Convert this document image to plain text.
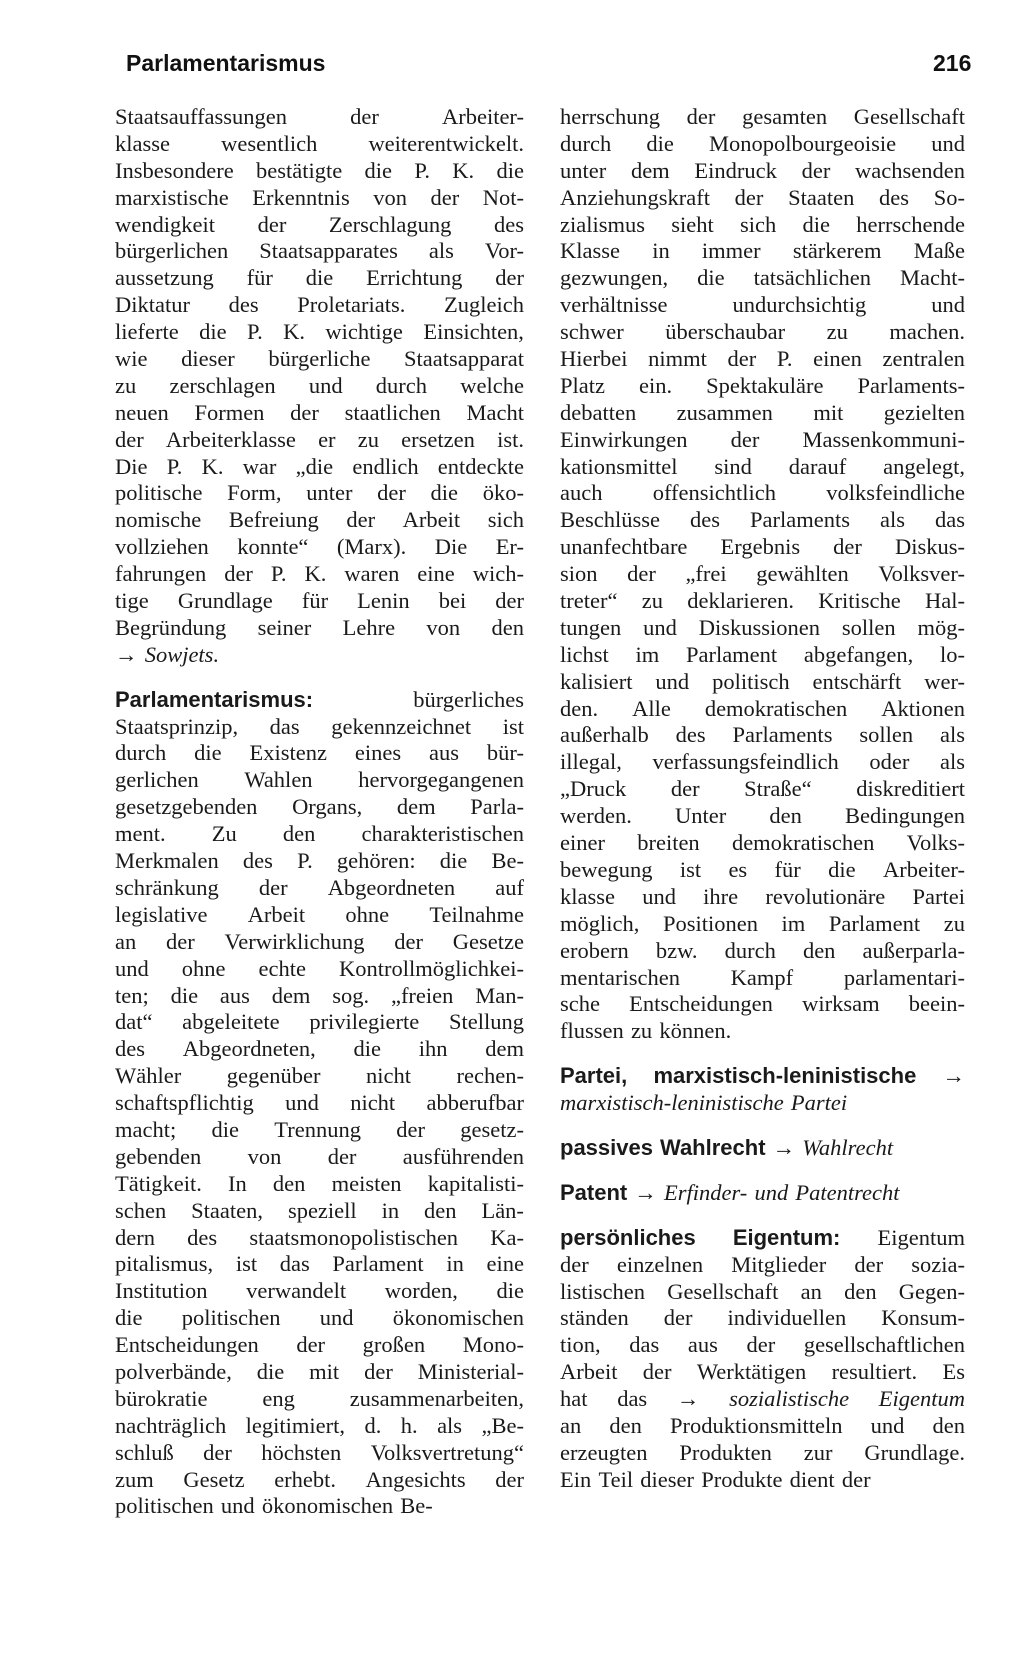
Parlamentarismus	216
Staatsauffassungen	der	Arbeiter-
klasse wesentlich weiterentwickelt.
Insbesondere bestätigte die P. K. die
marxistische Erkenntnis von der Not-
wendigkeit der Zerschlagung des
bürgerlichen Staatsapparates als Vor-
aussetzung für die Errichtung der
Diktatur des Proletariats. Zugleich
lieferte die P. K. wichtige Einsichten,
wie dieser bürgerliche Staatsapparat
zu zerschlagen und durch welche
neuen Formen der staatlichen Macht
der Arbeiterklasse er zu ersetzen ist.
Die P. K. war „die endlich entdeckte
politische Form, unter der die öko-
nomische Befreiung der Arbeit sich
vollziehen konnte“ (Marx). Die Er-
fahrungen der P. K. waren eine wich-
tige Grundlage für Lenin bei der
Begründung seiner Lehre von den
→ Sowjets.
Parlamentarismus:	bürgerliches
Staatsprinzip, das gekennzeichnet ist
durch die Existenz eines aus bür-
gerlichen Wahlen hervorgegangenen
gesetzgebenden Organs, dem Parla-
ment. Zu den charakteristischen
Merkmalen des P. gehören: die Be-
schränkung der Abgeordneten auf
legislative Arbeit ohne Teilnahme
an der Verwirklichung der Gesetze
und ohne echte Kontrollmöglichkei-
ten; die aus dem sog. „freien Man-
dat“ abgeleitete privilegierte Stellung
des Abgeordneten, die ihn dem
Wähler gegenüber nicht rechen-
schaftspflichtig und nicht abberufbar
macht; die Trennung der gesetz-
gebenden von der ausführenden
Tätigkeit. In den meisten kapitalisti-
schen Staaten, speziell in den Län-
dern des staatsmonopolistischen Ka-
pitalismus, ist das Parlament in eine
Institution verwandelt worden, die
die politischen und ökonomischen
Entscheidungen der großen Mono-
polverbände, die mit der Ministerial-
bürokratie eng zusammenarbeiten,
nachträglich legitimiert, d. h. als „Be-
schluß der höchsten Volksvertretung“
zum Gesetz erhebt. Angesichts der
politischen und ökonomischen Be-
herrschung der gesamten Gesellschaft
durch die Monopolbourgeoisie und
unter dem Eindruck der wachsenden
Anziehungskraft der Staaten des So-
zialismus sieht sich die herrschende
Klasse in immer stärkerem Maße
gezwungen, die tatsächlichen Macht-
verhältnisse	undurchsichtig	und
schwer überschaubar zu machen.
Hierbei nimmt der P. einen zentralen
Platz ein. Spektakuläre Parlaments-
debatten zusammen mit gezielten
Einwirkungen der Massenkommuni-
kationsmittel sind darauf angelegt,
auch offensichtlich volksfeindliche
Beschlüsse des Parlaments als das
unanfechtbare Ergebnis der Diskus-
sion der „frei gewählten Volksver-
treter“ zu deklarieren. Kritische Hal-
tungen und Diskussionen sollen mög-
lichst im Parlament abgefangen, lo-
kalisiert und politisch entschärft wer-
den. Alle demokratischen Aktionen
außerhalb des Parlaments sollen als
illegal, verfassungsfeindlich oder als
„Druck der Straße“ diskreditiert
werden. Unter den Bedingungen
einer breiten demokratischen Volks-
bewegung ist es für die Arbeiter-
klasse und ihre revolutionäre Partei
möglich, Positionen im Parlament zu
erobern bzw. durch den außerparla-
mentarischen Kampf parlamentari-
sche Entscheidungen wirksam beein-
flussen zu können.
Partei, marxistisch-leninistische →
marxistisch-leninistische Partei
passives Wahlrecht → Wahlrecht
Patent → Erfinder- und Patentrecht
persönliches Eigentum: Eigentum
der einzelnen Mitglieder der sozia-
listischen Gesellschaft an den Gegen-
ständen der individuellen Konsum-
tion, das aus der gesellschaftlichen
Arbeit der Werktätigen resultiert. Es
hat das → sozialistische Eigentum
an den Produktionsmitteln und den
erzeugten Produkten zur Grundlage.
Ein Teil dieser Produkte dient der
